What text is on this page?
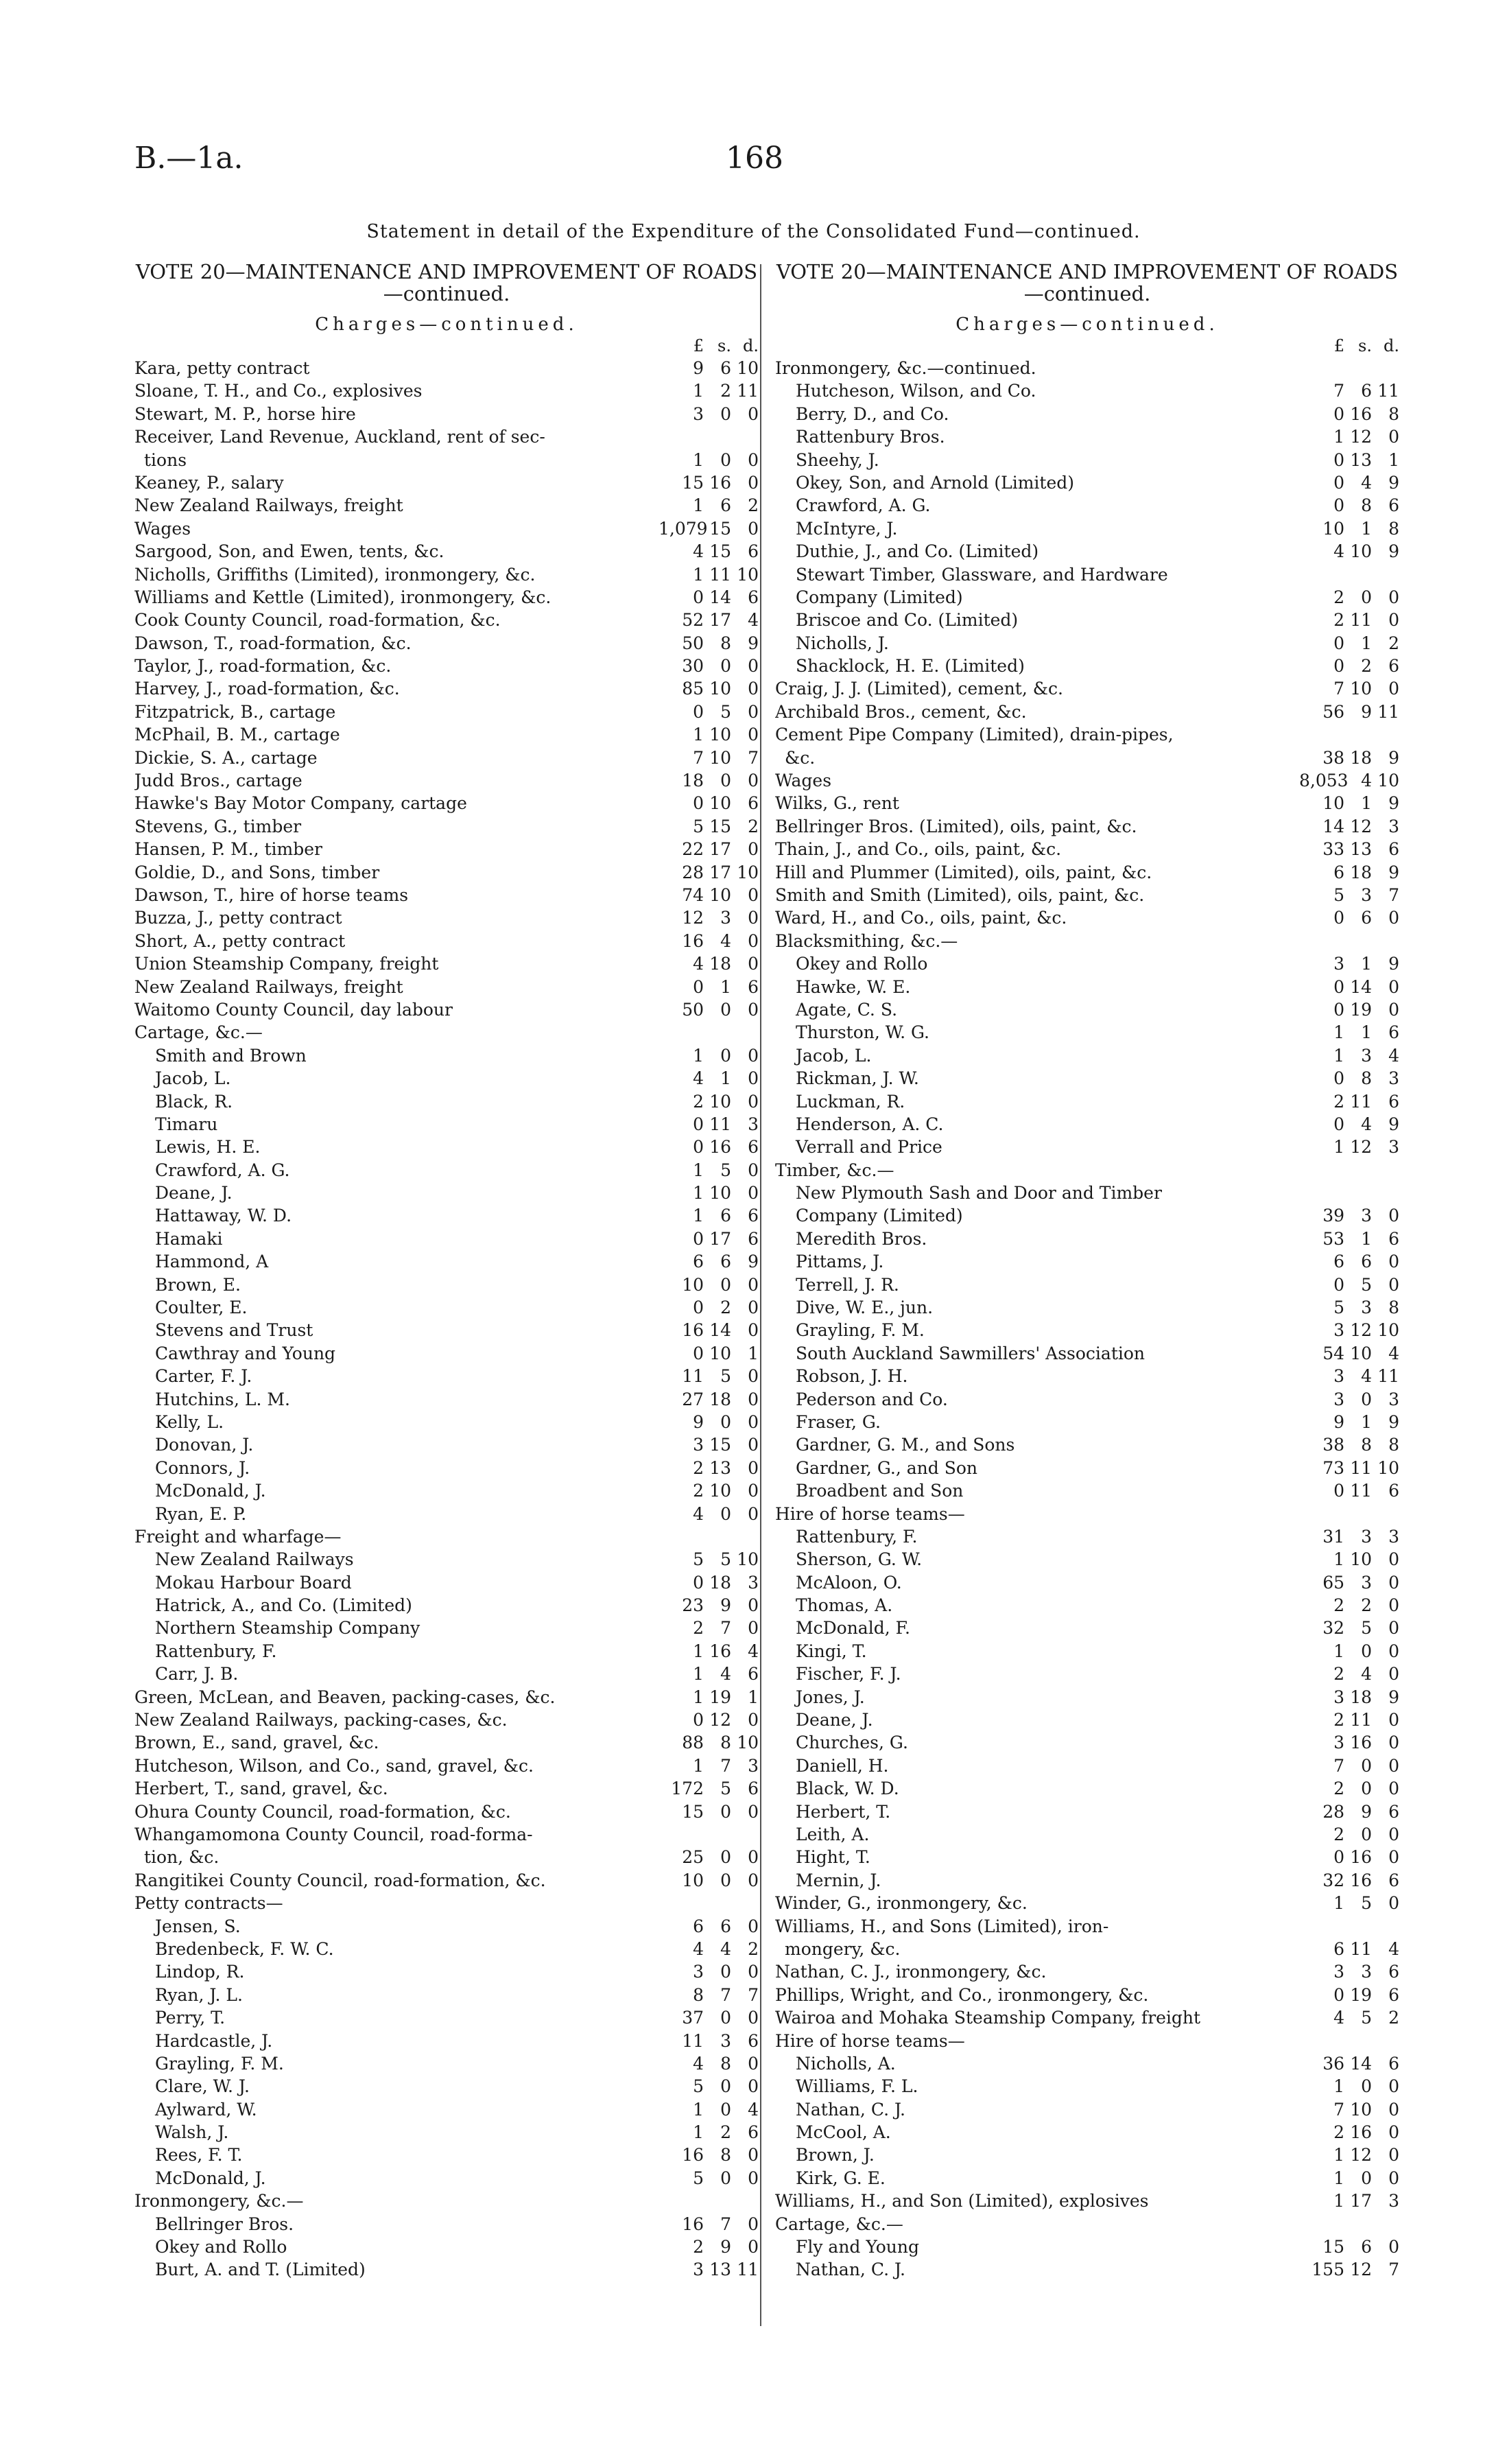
B.—1a.	168
Statement in detail of the Expenditure of the Consolidated Fund—continued.
VOTE 20—MAINTENANCE AND IMPROVEMENT OF ROADS—continued.
Charges—continued.
£ s. d.
Kara, petty contract	9 6 10
Sloane, T. H., and Co., explosives	1 2 11
Stewart, M. P., horse hire	3 0 0
Receiver, Land Revenue, Auckland, rent of sec-
tions	1 0 0
Keaney, P., salary	15 16 0
New Zealand Railways, freight	1 6 2
Wages	1,079 15 0
Sargood, Son, and Ewen, tents, &c.	4 15 6
Nicholls, Griffiths (Limited), ironmongery, &c.	1 11 10
Williams and Kettle (Limited), ironmongery, &c.	0 14 6
Cook County Council, road-formation, &c.	52 17 4
Dawson, T., road-formation, &c.	50 8 9
Taylor, J., road-formation, &c.	30 0 0
Harvey, J., road-formation, &c.	85 10 0
Fitzpatrick, B., cartage	0 5 0
McPhail, B. M., cartage	1 10 0
Dickie, S. A., cartage	7 10 7
Judd Bros., cartage	18 0 0
Hawke's Bay Motor Company, cartage	0 10 6
Stevens, G., timber	5 15 2
Hansen, P. M., timber	22 17 0
Goldie, D., and Sons, timber	28 17 10
Dawson, T., hire of horse teams	74 10 0
Buzza, J., petty contract	12 3 0
Short, A., petty contract	16 4 0
Union Steamship Company, freight	4 18 0
New Zealand Railways, freight	0 1 6
Waitomo County Council, day labour	50 0 0
Cartage, &c.—
Smith and Brown	1 0 0
Jacob, L.	4 1 0
Black, R.	2 10 0
Timaru	0 11 3
Lewis, H. E.	0 16 6
Crawford, A. G.	1 5 0
Deane, J.	1 10 0
Hattaway, W. D.	1 6 6
Hamaki	0 17 6
Hammond, A	6 6 9
Brown, E.	10 0 0
Coulter, E.	0 2 0
Stevens and Trust	16 14 0
Cawthray and Young	0 10 1
Carter, F. J.	11 5 0
Hutchins, L. M.	27 18 0
Kelly, L.	9 0 0
Donovan, J.	3 15 0
Connors, J.	2 13 0
McDonald, J.	2 10 0
Ryan, E. P.	4 0 0
Freight and wharfage—
New Zealand Railways	5 5 10
Mokau Harbour Board	0 18 3
Hatrick, A., and Co. (Limited)	23 9 0
Northern Steamship Company	2 7 0
Rattenbury, F.	1 16 4
Carr, J. B.	1 4 6
Green, McLean, and Beaven, packing-cases, &c.	1 19 1
New Zealand Railways, packing-cases, &c.	0 12 0
Brown, E., sand, gravel, &c.	88 8 10
Hutcheson, Wilson, and Co., sand, gravel, &c.	1 7 3
Herbert, T., sand, gravel, &c.	172 5 6
Ohura County Council, road-formation, &c.	15 0 0
Whangamomona County Council, road-forma-
tion, &c.	25 0 0
Rangitikei County Council, road-formation, &c.	10 0 0
Petty contracts—
Jensen, S.	6 6 0
Bredenbeck, F. W. C.	4 4 2
Lindop, R.	3 0 0
Ryan, J. L.	8 7 7
Perry, T.	37 0 0
Hardcastle, J.	11 3 6
Grayling, F. M.	4 8 0
Clare, W. J.	5 0 0
Aylward, W.	1 0 4
Walsh, J.	1 2 6
Rees, F. T.	16 8 0
McDonald, J.	5 0 0
Ironmongery, &c.—
Bellringer Bros.	16 7 0
Okey and Rollo	2 9 0
Burt, A. and T. (Limited)	3 13 11
VOTE 20—MAINTENANCE AND IMPROVEMENT OF ROADS—continued.
Charges—continued.
£ s. d.
Ironmongery, &c.—continued.
Hutcheson, Wilson, and Co.	7 6 11
Berry, D., and Co.	0 16 8
Rattenbury Bros.	1 12 0
Sheehy, J.	0 13 1
Okey, Son, and Arnold (Limited)	0 4 9
Crawford, A. G.	0 8 6
McIntyre, J.	10 1 8
Duthie, J., and Co. (Limited)	4 10 9
Stewart Timber, Glassware, and Hardware
Company (Limited)	2 0 0
Briscoe and Co. (Limited)	2 11 0
Nicholls, J.	0 1 2
Shacklock, H. E. (Limited)	0 2 6
Craig, J. J. (Limited), cement, &c.	7 10 0
Archibald Bros., cement, &c.	56 9 11
Cement Pipe Company (Limited), drain-pipes,
&c.	38 18 9
Wages	8,053 4 10
Wilks, G., rent	10 1 9
Bellringer Bros. (Limited), oils, paint, &c.	14 12 3
Thain, J., and Co., oils, paint, &c.	33 13 6
Hill and Plummer (Limited), oils, paint, &c.	6 18 9
Smith and Smith (Limited), oils, paint, &c.	5 3 7
Ward, H., and Co., oils, paint, &c.	0 6 0
Blacksmithing, &c.—
Okey and Rollo	3 1 9
Hawke, W. E.	0 14 0
Agate, C. S.	0 19 0
Thurston, W. G.	1 1 6
Jacob, L.	1 3 4
Rickman, J. W.	0 8 3
Luckman, R.	2 11 6
Henderson, A. C.	0 4 9
Verrall and Price	1 12 3
Timber, &c.—
New Plymouth Sash and Door and Timber
Company (Limited)	39 3 0
Meredith Bros.	53 1 6
Pittams, J.	6 6 0
Terrell, J. R.	0 5 0
Dive, W. E., jun.	5 3 8
Grayling, F. M.	3 12 10
South Auckland Sawmillers' Association	54 10 4
Robson, J. H.	3 4 11
Pederson and Co.	3 0 3
Fraser, G.	9 1 9
Gardner, G. M., and Sons	38 8 8
Gardner, G., and Son	73 11 10
Broadbent and Son	0 11 6
Hire of horse teams—
Rattenbury, F.	31 3 3
Sherson, G. W.	1 10 0
McAloon, O.	65 3 0
Thomas, A.	2 2 0
McDonald, F.	32 5 0
Kingi, T.	1 0 0
Fischer, F. J.	2 4 0
Jones, J.	3 18 9
Deane, J.	2 11 0
Churches, G.	3 16 0
Daniell, H.	7 0 0
Black, W. D.	2 0 0
Herbert, T.	28 9 6
Leith, A.	2 0 0
Hight, T.	0 16 0
Mernin, J.	32 16 6
Winder, G., ironmongery, &c.	1 5 0
Williams, H., and Sons (Limited), iron-
mongery, &c.	6 11 4
Nathan, C. J., ironmongery, &c.	3 3 6
Phillips, Wright, and Co., ironmongery, &c.	0 19 6
Wairoa and Mohaka Steamship Company, freight	4 5 2
Hire of horse teams—
Nicholls, A.	36 14 6
Williams, F. L.	1 0 0
Nathan, C. J.	7 10 0
McCool, A.	2 16 0
Brown, J.	1 12 0
Kirk, G. E.	1 0 0
Williams, H., and Son (Limited), explosives	1 17 3
Cartage, &c.—
Fly and Young	15 6 0
Nathan, C. J.	155 12 7
